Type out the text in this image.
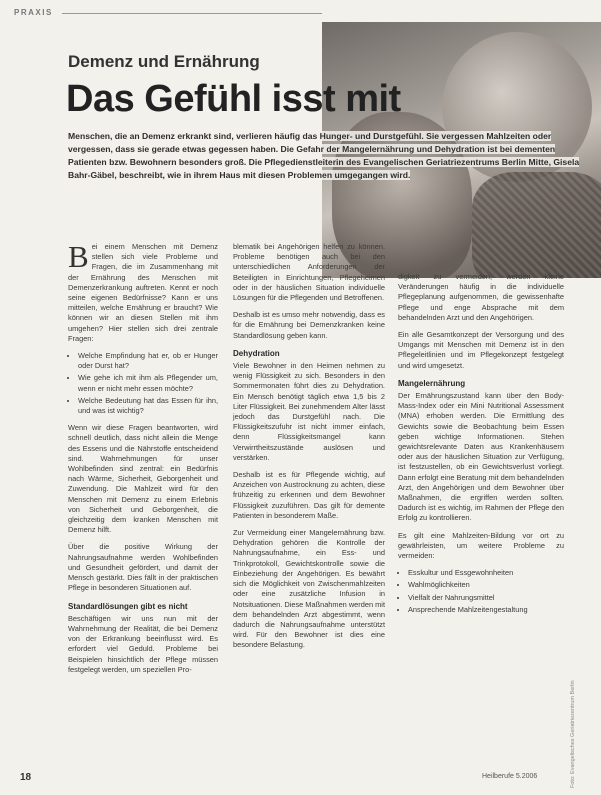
PRAXIS
Demenz und Ernährung
Das Gefühl isst mit
Menschen, die an Demenz erkrankt sind, verlieren häufig das Hunger- und Durstgefühl. Sie vergessen Mahlzeiten oder vergessen, dass sie gerade etwas gegessen haben. Die Gefahr der Mangelernährung und Dehydration ist bei dementen Patienten bzw. Bewohnern besonders groß. Die Pflegedienstleiterin des Evangelischen Geriatriezentrums Berlin Mitte, Gisela Bahr-Gäbel, beschreibt, wie in ihrem Haus mit diesen Problemen umgegangen wird.

Bei einem Menschen mit Demenz stellen sich viele Probleme und Fragen, die im Zusammenhang mit der Ernährung des Menschen mit Demenzerkrankung auftreten. Kennt er noch seine eigenen Bedürfnisse? Kann er uns mitteilen, welche Ernährung er braucht? Wie können wir an diesen Stellen mit ihm umgehen? Hier stellen sich drei zentrale Fragen:

• Welche Empfindung hat er, ob er Hunger oder Durst hat?
• Wie gehe ich mit ihm als Pflegender um, wenn er nicht mehr essen möchte?
• Welche Bedeutung hat das Essen für ihn, und was ist wichtig?

Wenn wir diese Fragen beantworten, wird schnell deutlich, dass nicht allein die Menge des Essens und die Nährstoffe entscheidend sind. Wahrnehmungen für unser Wohlbefinden sind zentral: ein Bedürfnis nach Wärme, Sicherheit, Geborgenheit und Zuwendung. Die Mahlzeit wird für den Menschen mit Demenz zu einem Erlebnis von Sicherheit und Geborgenheit, die gleichzeitig dem kranken Menschen mit Demenz hilft.

Über die positive Wirkung der Nahrungsaufnahme werden Wohlbefinden und Gesundheit gefördert, und damit der Mensch gestärkt. Dies fällt in der praktischen Pflege in besonderen Situationen auf.

Standardlösungen gibt es nicht

Beschäftigen wir uns nun mit der Wahrnehmung der Realität, die bei Demenz von der Erkrankung beeinflusst wird. Es erfordert viel Geduld. Probleme bei Beispielen hinsichtlich der Pflege müssen festgelegt werden, um speziellen Pro-

blematik bei Angehörigen helfen zu können. Probleme benötigen auch bei den unterschiedlichen Anforderungen der Beteiligten in Einrichtungen, Pflegeheimen oder in der häuslichen Situation individuelle Lösungen für die Pflegenden und Betroffenen.

Deshalb ist es umso mehr notwendig, dass es für die Ernährung bei Demenzkranken keine Standardlösung geben kann.

Dehydration

Viele Bewohner in den Heimen nehmen zu wenig Flüssigkeit zu sich. Besonders in den Sommermonaten führt dies zu Dehydration. Ein Mensch benötigt täglich etwa 1,5 bis 2 Liter Flüssigkeit. Bei zunehmendem Alter lässt jedoch das Durstgefühl nach. Die Flüssigkeitszufuhr ist nicht immer einfach, denn Flüssigkeitsmangel kann Verwirrtheitszustände auslösen und verstärken.

Deshalb ist es für Pflegende wichtig, auf Anzeichen von Austrocknung zu achten, diese frühzeitig zu erkennen und dem Bewohner Flüssigkeit zuzuführen. Das gilt für demente Patienten in besonderem Maße.

Zur Vermeidung einer Mangelernährung bzw. Dehydration gehören die Kontrolle der Nahrungsaufnahme, ein Ess- und Trinkprotokoll, Gewichtskontrolle sowie die Einbeziehung der Angehörigen. Es bewährt sich die Möglichkeit von Zwischenmahlzeiten oder eine zusätzliche Infusion in Notsituationen. Diese Maßnahmen werden mit dem behandelnden Arzt abgestimmt, wenn dadurch die Nahrungsaufnahme unterstützt wird. Für den Bewohner ist dies eine besondere Belastung.

digkeit zu vermeiden, werden kleine Veränderungen häufig in die individuelle Pflegeplanung aufgenommen, die gewissenhafte Pflege und enge Absprache mit dem behandelnden Arzt und den Angehörigen.

Ein alle Gesamtkonzept der Versorgung und des Umgangs mit Menschen mit Demenz ist in den Pflegeleitlinien und im Pflegekonzept festgelegt und wird umgesetzt.

Mangelernährung

Der Ernährungszustand kann über den Body-Mass-Index oder ein Mini Nutritional Assessment (MNA) erhoben werden. Die Ermittlung des Gewichts sowie die Beobachtung beim Essen geben wichtige Informationen. Stehen gewichtsrelevante Daten aus Krankenhäusern oder aus der häuslichen Situation zur Verfügung, ist festzustellen, ob ein Gewichtsverlust vorliegt. Dann erfolgt eine Beratung mit dem behandelnden Arzt, den Angehörigen und dem Bewohner über Maßnahmen, die ergriffen werden sollten. Dadurch ist es wichtig, im Rahmen der Pflege den Erfolg zu kontrollieren.

Es gilt eine Mahlzeiten-Bildung vor ort zu gewährleisten, um weitere Probleme zu vermeiden:

• Esskultur und Essgewohnheiten
• Wahlmöglichkeiten
• Vielfalt der Nahrungsmittel
• Ansprechende Mahlzeitengestaltung
Foto: Evangelisches Geriatriezentrum Berlin
18	Heilberufe 5.2006
